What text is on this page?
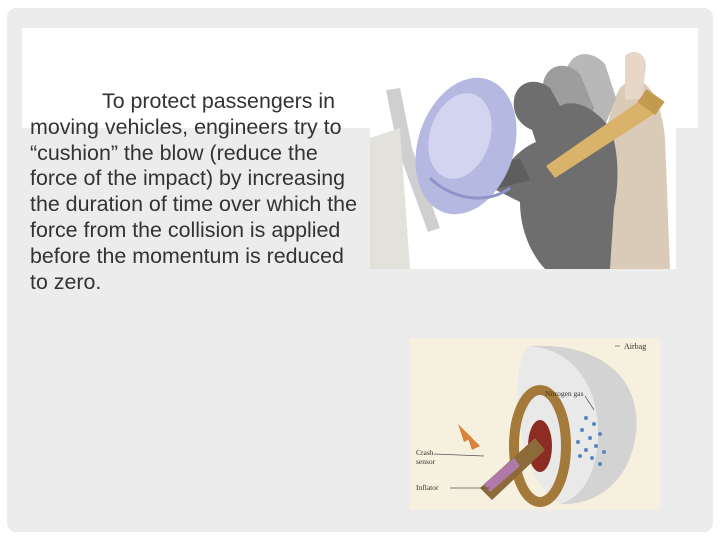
To protect passengers in moving vehicles, engineers try to “cushion” the blow (reduce the force of the impact) by increasing the duration of time over which the force from the collision is applied before the momentum is reduced to zero.

Airbag
Nitrogen gas
Crash
sensor
Inflator
